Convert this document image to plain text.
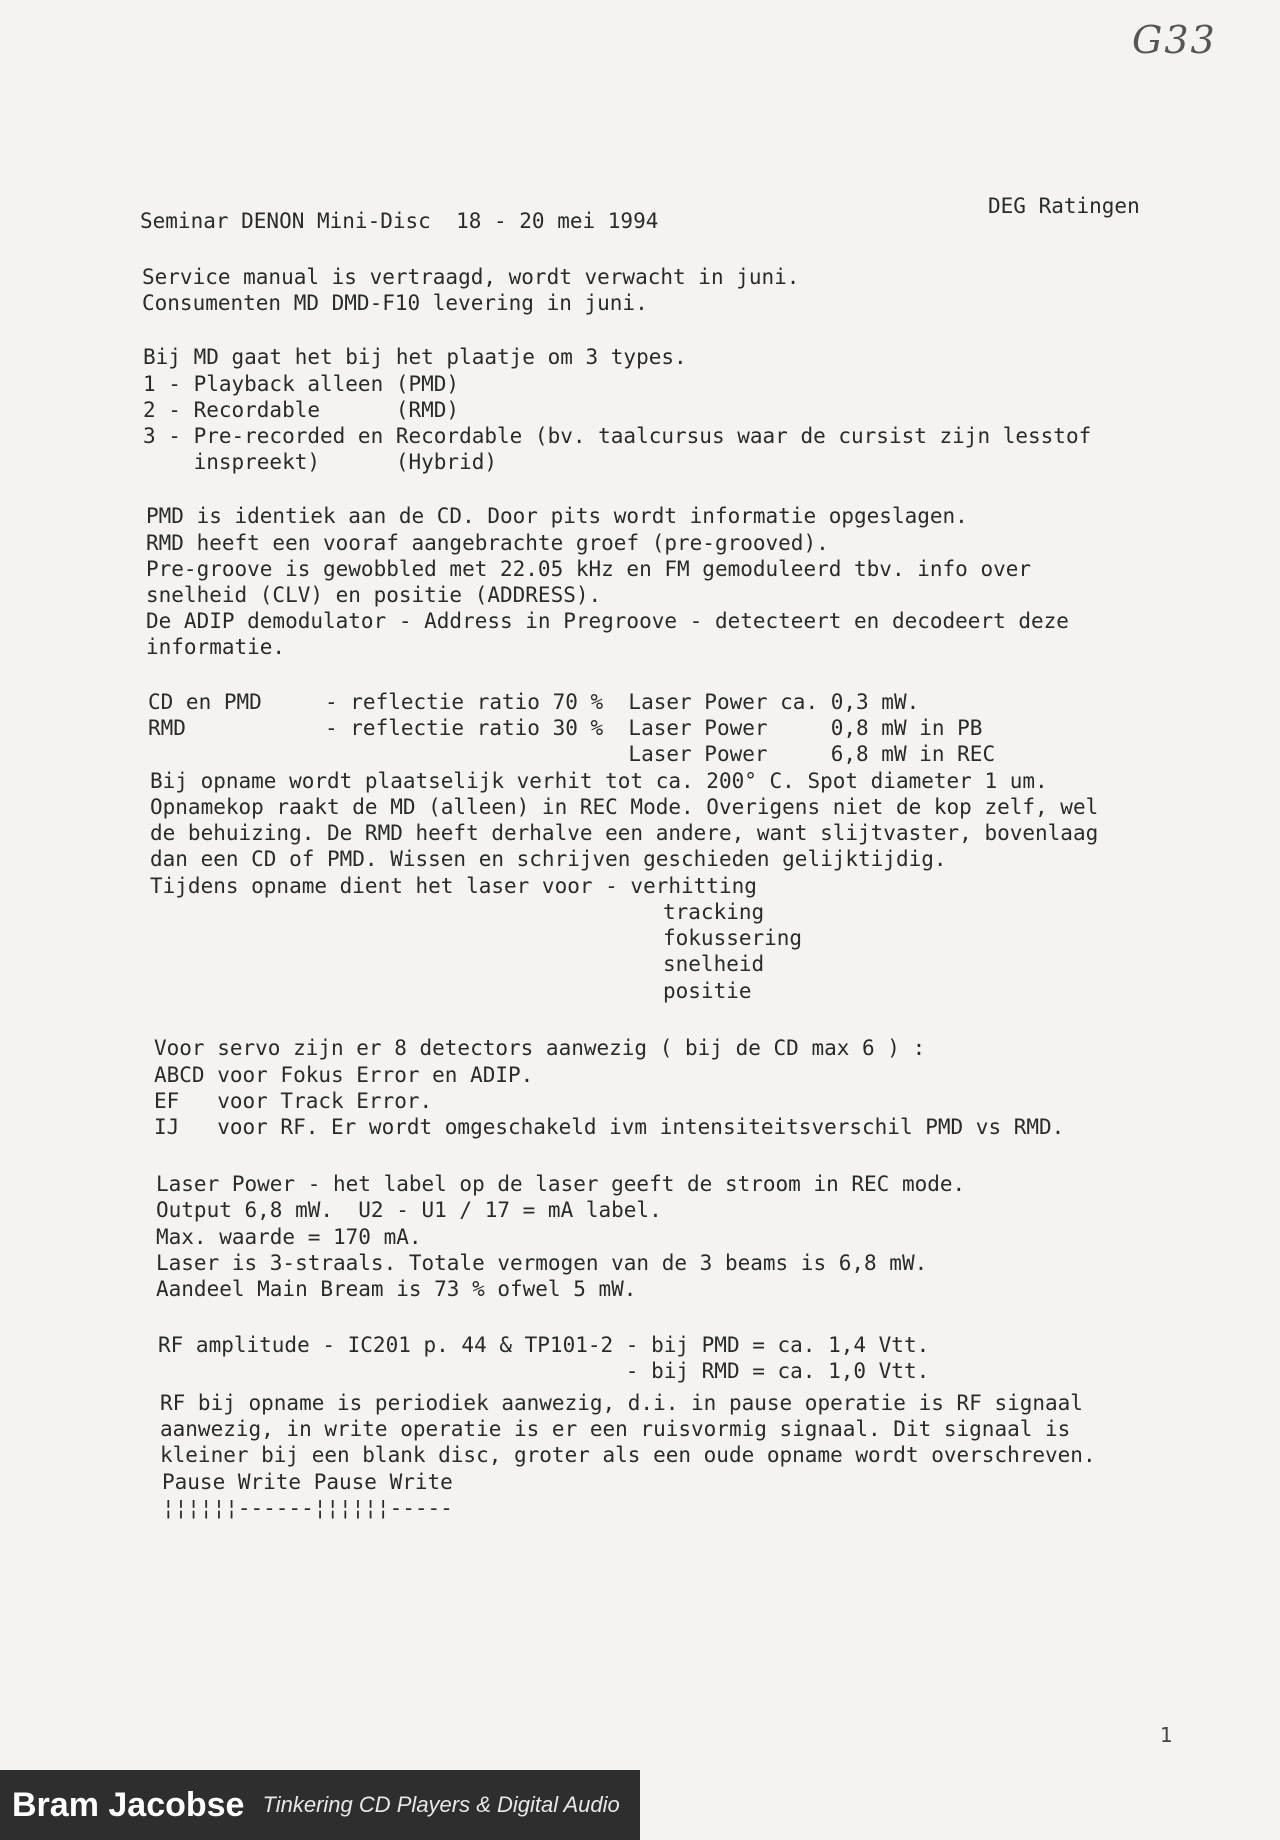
G33
Seminar DENON Mini-Disc  18 - 20 mei 1994
DEG Ratingen
Service manual is vertraagd, wordt verwacht in juni.
Consumenten MD DMD-F10 levering in juni.
Bij MD gaat het bij het plaatje om 3 types.
1 - Playback alleen (PMD)
2 - Recordable      (RMD)
3 - Pre-recorded en Recordable (bv. taalcursus waar de cursist zijn lesstof
inspreekt)      (Hybrid)
PMD is identiek aan de CD. Door pits wordt informatie opgeslagen.
RMD heeft een vooraf aangebrachte groef (pre-grooved).
Pre-groove is gewobbled met 22.05 kHz en FM gemoduleerd tbv. info over
snelheid (CLV) en positie (ADDRESS).
De ADIP demodulator - Address in Pregroove - detecteert en decodeert deze
informatie.
CD en PMD     - reflectie ratio 70 %  Laser Power ca. 0,3 mW.
RMD           - reflectie ratio 30 %  Laser Power     0,8 mW in PB
Laser Power     6,8 mW in REC
Bij opname wordt plaatselijk verhit tot ca. 200° C. Spot diameter 1 um.
Opnamekop raakt de MD (alleen) in REC Mode. Overigens niet de kop zelf, wel
de behuizing. De RMD heeft derhalve een andere, want slijtvaster, bovenlaag
dan een CD of PMD. Wissen en schrijven geschieden gelijktijdig.
Tijdens opname dient het laser voor - verhitting
tracking
fokussering
snelheid
positie
Voor servo zijn er 8 detectors aanwezig ( bij de CD max 6 ) :
ABCD voor Fokus Error en ADIP.
EF   voor Track Error.
IJ   voor RF. Er wordt omgeschakeld ivm intensiteitsverschil PMD vs RMD.
Laser Power - het label op de laser geeft de stroom in REC mode.
Output 6,8 mW.  U2 - U1 / 17 = mA label.
Max. waarde = 170 mA.
Laser is 3-straals. Totale vermogen van de 3 beams is 6,8 mW.
Aandeel Main Bream is 73 % ofwel 5 mW.
RF amplitude - IC201 p. 44 & TP101-2 - bij PMD = ca. 1,4 Vtt.
- bij RMD = ca. 1,0 Vtt.
RF bij opname is periodiek aanwezig, d.i. in pause operatie is RF signaal
aanwezig, in write operatie is er een ruisvormig signaal. Dit signaal is
kleiner bij een blank disc, groter als een oude opname wordt overschreven.
Pause Write Pause Write
¦¦¦¦¦¦------¦¦¦¦¦¦-----
1
Bram Jacobse Tinkering CD Players & Digital Audio
